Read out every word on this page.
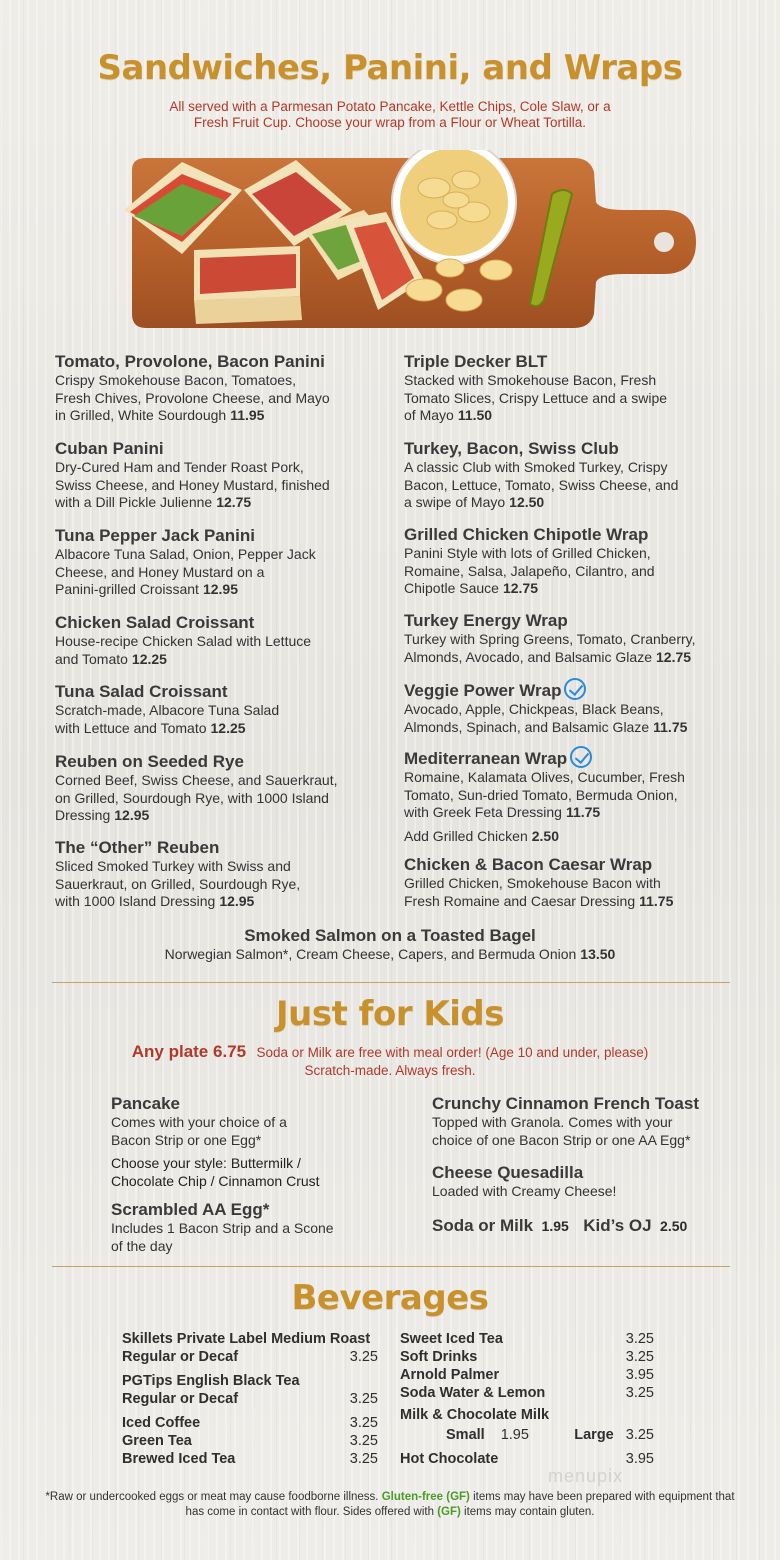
Sandwiches, Panini, and Wraps
All served with a Parmesan Potato Pancake, Kettle Chips, Cole Slaw, or a
Fresh Fruit Cup. Choose your wrap from a Flour or Wheat Tortilla.
Tomato, Provolone, Bacon Panini
Crispy Smokehouse Bacon, Tomatoes,
Fresh Chives, Provolone Cheese, and Mayo
in Grilled, White Sourdough 11.95
Cuban Panini
Dry-Cured Ham and Tender Roast Pork,
Swiss Cheese, and Honey Mustard, finished
with a Dill Pickle Julienne 12.75
Tuna Pepper Jack Panini
Albacore Tuna Salad, Onion, Pepper Jack
Cheese, and Honey Mustard on a
Panini-grilled Croissant 12.95
Chicken Salad Croissant
House-recipe Chicken Salad with Lettuce
and Tomato 12.25
Tuna Salad Croissant
Scratch-made, Albacore Tuna Salad
with Lettuce and Tomato 12.25
Reuben on Seeded Rye
Corned Beef, Swiss Cheese, and Sauerkraut,
on Grilled, Sourdough Rye, with 1000 Island
Dressing 12.95
The “Other” Reuben
Sliced Smoked Turkey with Swiss and
Sauerkraut, on Grilled, Sourdough Rye,
with 1000 Island Dressing 12.95
Triple Decker BLT
Stacked with Smokehouse Bacon, Fresh
Tomato Slices, Crispy Lettuce and a swipe
of Mayo 11.50
Turkey, Bacon, Swiss Club
A classic Club with Smoked Turkey, Crispy
Bacon, Lettuce, Tomato, Swiss Cheese, and
a swipe of Mayo 12.50
Grilled Chicken Chipotle Wrap
Panini Style with lots of Grilled Chicken,
Romaine, Salsa, Jalapeño, Cilantro, and
Chipotle Sauce 12.75
Turkey Energy Wrap
Turkey with Spring Greens, Tomato, Cranberry,
Almonds, Avocado, and Balsamic Glaze 12.75
Veggie Power Wrap
Avocado, Apple, Chickpeas, Black Beans,
Almonds, Spinach, and Balsamic Glaze 11.75
Mediterranean Wrap
Romaine, Kalamata Olives, Cucumber, Fresh
Tomato, Sun-dried Tomato, Bermuda Onion,
with Greek Feta Dressing 11.75
Add Grilled Chicken 2.50
Chicken & Bacon Caesar Wrap
Grilled Chicken, Smokehouse Bacon with
Fresh Romaine and Caesar Dressing 11.75
Smoked Salmon on a Toasted Bagel
Norwegian Salmon*, Cream Cheese, Capers, and Bermuda Onion 13.50
Just for Kids
Any plate 6.75 Soda or Milk are free with meal order! (Age 10 and under, please)
Scratch-made. Always fresh.
Pancake
Comes with your choice of a
Bacon Strip or one Egg*
Choose your style: Buttermilk /
Chocolate Chip / Cinnamon Crust
Scrambled AA Egg*
Includes 1 Bacon Strip and a Scone
of the day
Crunchy Cinnamon French Toast
Topped with Granola. Comes with your
choice of one Bacon Strip or one AA Egg*
Cheese Quesadilla
Loaded with Creamy Cheese!
Soda or Milk 1.95 Kid’s OJ 2.50
Beverages
Skillets Private Label Medium Roast
Regular or Decaf	3.25
PGTips English Black Tea
Regular or Decaf	3.25
Iced Coffee	3.25
Green Tea	3.25
Brewed Iced Tea	3.25
Sweet Iced Tea	3.25
Soft Drinks	3.25
Arnold Palmer	3.95
Soda Water & Lemon	3.25
Milk & Chocolate Milk
Small 1.95	Large 3.25
Hot Chocolate	3.95
menupix
*Raw or undercooked eggs or meat may cause foodborne illness. Gluten-free (GF) items may have been prepared with equipment that has come in contact with flour. Sides offered with (GF) items may contain gluten.
